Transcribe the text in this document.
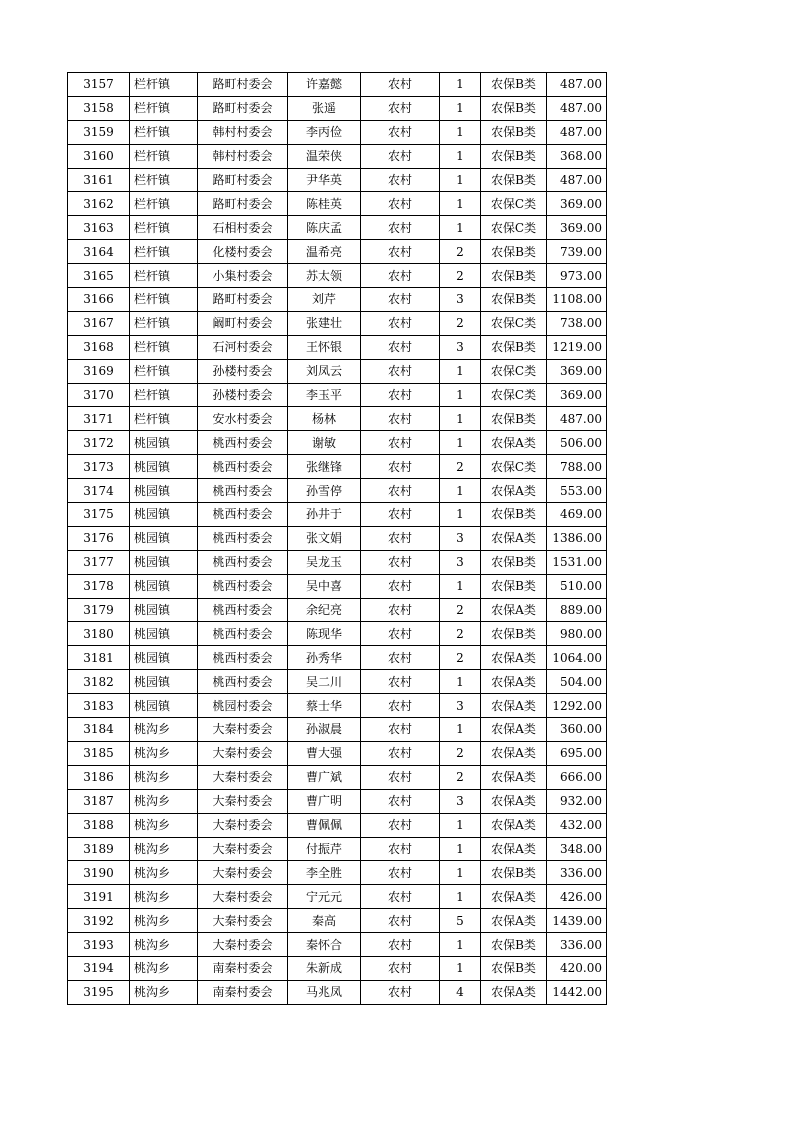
3157	栏杆镇	路町村委会	许嘉懿	农村	1	农保B类	487.00
3158	栏杆镇	路町村委会	张遥	农村	1	农保B类	487.00
3159	栏杆镇	韩村村委会	李丙俭	农村	1	农保B类	487.00
3160	栏杆镇	韩村村委会	温荣侠	农村	1	农保B类	368.00
3161	栏杆镇	路町村委会	尹华英	农村	1	农保B类	487.00
3162	栏杆镇	路町村委会	陈桂英	农村	1	农保C类	369.00
3163	栏杆镇	石相村委会	陈庆孟	农村	1	农保C类	369.00
3164	栏杆镇	化楼村委会	温希亮	农村	2	农保B类	739.00
3165	栏杆镇	小集村委会	苏太领	农村	2	农保B类	973.00
3166	栏杆镇	路町村委会	刘芹	农村	3	农保B类	1108.00
3167	栏杆镇	阚町村委会	张建壮	农村	2	农保C类	738.00
3168	栏杆镇	石河村委会	王怀银	农村	3	农保B类	1219.00
3169	栏杆镇	孙楼村委会	刘凤云	农村	1	农保C类	369.00
3170	栏杆镇	孙楼村委会	李玉平	农村	1	农保C类	369.00
3171	栏杆镇	安水村委会	杨林	农村	1	农保B类	487.00
3172	桃园镇	桃西村委会	谢敏	农村	1	农保A类	506.00
3173	桃园镇	桃西村委会	张继锋	农村	2	农保C类	788.00
3174	桃园镇	桃西村委会	孙雪停	农村	1	农保A类	553.00
3175	桃园镇	桃西村委会	孙井于	农村	1	农保B类	469.00
3176	桃园镇	桃西村委会	张文娟	农村	3	农保A类	1386.00
3177	桃园镇	桃西村委会	吴龙玉	农村	3	农保B类	1531.00
3178	桃园镇	桃西村委会	吴中喜	农村	1	农保B类	510.00
3179	桃园镇	桃西村委会	余纪亮	农村	2	农保A类	889.00
3180	桃园镇	桃西村委会	陈现华	农村	2	农保B类	980.00
3181	桃园镇	桃西村委会	孙秀华	农村	2	农保A类	1064.00
3182	桃园镇	桃西村委会	吴二川	农村	1	农保A类	504.00
3183	桃园镇	桃园村委会	蔡士华	农村	3	农保A类	1292.00
3184	桃沟乡	大秦村委会	孙淑晨	农村	1	农保A类	360.00
3185	桃沟乡	大秦村委会	曹大强	农村	2	农保A类	695.00
3186	桃沟乡	大秦村委会	曹广斌	农村	2	农保A类	666.00
3187	桃沟乡	大秦村委会	曹广明	农村	3	农保A类	932.00
3188	桃沟乡	大秦村委会	曹佩佩	农村	1	农保A类	432.00
3189	桃沟乡	大秦村委会	付振芹	农村	1	农保A类	348.00
3190	桃沟乡	大秦村委会	李全胜	农村	1	农保B类	336.00
3191	桃沟乡	大秦村委会	宁元元	农村	1	农保A类	426.00
3192	桃沟乡	大秦村委会	秦高	农村	5	农保A类	1439.00
3193	桃沟乡	大秦村委会	秦怀合	农村	1	农保B类	336.00
3194	桃沟乡	南秦村委会	朱新成	农村	1	农保B类	420.00
3195	桃沟乡	南秦村委会	马兆凤	农村	4	农保A类	1442.00
